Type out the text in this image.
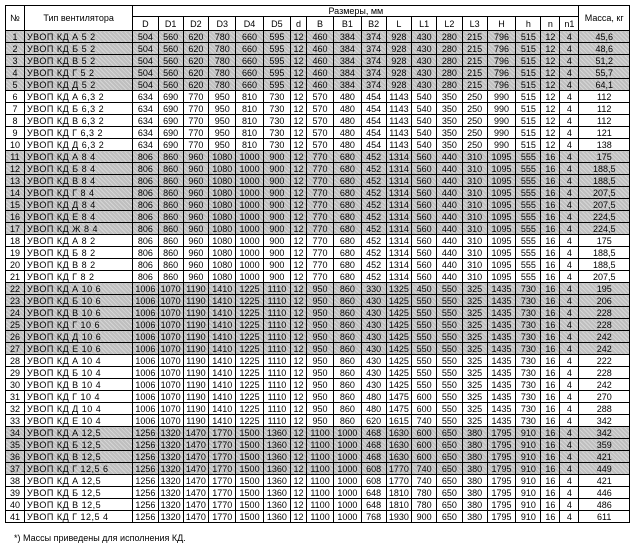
№	Тип вентилятора	Размеры, мм																		Масса, кг

		D	D1	D2	D3	D4	D5	d	B	B1	B2	L	L1	L2	L3	H	h	n	n1	
1	УВОП КД А 5 2	504	560	620	780	660	595	12	460	384	374	928	430	280	215	796	515	12	4	45,6
2	УВОП КД Б 5 2	504	560	620	780	660	595	12	460	384	374	928	430	280	215	796	515	12	4	48,6
3	УВОП КД В 5 2	504	560	620	780	660	595	12	460	384	374	928	430	280	215	796	515	12	4	51,2
4	УВОП КД Г 5 2	504	560	620	780	660	595	12	460	384	374	928	430	280	215	796	515	12	4	55,7
5	УВОП КД Д 5 2	504	560	620	780	660	595	12	460	384	374	928	430	280	215	796	515	12	4	64,1
6	УВОП КД А 6,3 2	634	690	770	950	810	730	12	570	480	454	1143	540	350	250	990	515	12	4	112
7	УВОП КД Б 6,3 2	634	690	770	950	810	730	12	570	480	454	1143	540	350	250	990	515	12	4	112
8	УВОП КД В 6,3 2	634	690	770	950	810	730	12	570	480	454	1143	540	350	250	990	515	12	4	112
9	УВОП КД Г 6,3 2	634	690	770	950	810	730	12	570	480	454	1143	540	350	250	990	515	12	4	121
10	УВОП КД Д 6,3 2	634	690	770	950	810	730	12	570	480	454	1143	540	350	250	990	515	12	4	138
11	УВОП КД А 8 4	806	860	960	1080	1000	900	12	770	680	452	1314	560	440	310	1095	555	16	4	175
12	УВОП КД Б 8 4	806	860	960	1080	1000	900	12	770	680	452	1314	560	440	310	1095	555	16	4	188,5
13	УВОП КД В 8 4	806	860	960	1080	1000	900	12	770	680	452	1314	560	440	310	1095	555	16	4	188,5
14	УВОП КД Г 8 4	806	860	960	1080	1000	900	12	770	680	452	1314	560	440	310	1095	555	16	4	207,5
15	УВОП КД Д 8 4	806	860	960	1080	1000	900	12	770	680	452	1314	560	440	310	1095	555	16	4	207,5
16	УВОП КД Е 8 4	806	860	960	1080	1000	900	12	770	680	452	1314	560	440	310	1095	555	16	4	224,5
17	УВОП КД Ж 8 4	806	860	960	1080	1000	900	12	770	680	452	1314	560	440	310	1095	555	16	4	224,5
18	УВОП КД А 8 2	806	860	960	1080	1000	900	12	770	680	452	1314	560	440	310	1095	555	16	4	175
19	УВОП КД Б 8 2	806	860	960	1080	1000	900	12	770	680	452	1314	560	440	310	1095	555	16	4	188,5
20	УВОП КД В 8 2	806	860	960	1080	1000	900	12	770	680	452	1314	560	440	310	1095	555	16	4	188,5
21	УВОП КД Г 8 2	806	860	960	1080	1000	900	12	770	680	452	1314	560	440	310	1095	555	16	4	207,5
22	УВОП КД А 10 6	1006	1070	1190	1410	1225	1110	12	950	860	330	1325	450	550	325	1435	730	16	4	195
23	УВОП КД Б 10 6	1006	1070	1190	1410	1225	1110	12	950	860	430	1425	550	550	325	1435	730	16	4	206
24	УВОП КД В 10 6	1006	1070	1190	1410	1225	1110	12	950	860	430	1425	550	550	325	1435	730	16	4	228
25	УВОП КД Г 10 6	1006	1070	1190	1410	1225	1110	12	950	860	430	1425	550	550	325	1435	730	16	4	228
26	УВОП КД Д 10 6	1006	1070	1190	1410	1225	1110	12	950	860	430	1425	550	550	325	1435	730	16	4	242
27	УВОП КД Е 10 6	1006	1070	1190	1410	1225	1110	12	950	860	430	1425	550	550	325	1435	730	16	4	242
28	УВОП КД А 10 4	1006	1070	1190	1410	1225	1110	12	950	860	430	1425	550	550	325	1435	730	16	4	222
29	УВОП КД Б 10 4	1006	1070	1190	1410	1225	1110	12	950	860	430	1425	550	550	325	1435	730	16	4	228
30	УВОП КД В 10 4	1006	1070	1190	1410	1225	1110	12	950	860	430	1425	550	550	325	1435	730	16	4	242
31	УВОП КД Г 10 4	1006	1070	1190	1410	1225	1110	12	950	860	480	1475	600	550	325	1435	730	16	4	270
32	УВОП КД Д 10 4	1006	1070	1190	1410	1225	1110	12	950	860	480	1475	600	550	325	1435	730	16	4	288
33	УВОП КД Е 10 4	1006	1070	1190	1410	1225	1110	12	950	860	620	1615	740	550	325	1435	730	16	4	342
34	УВОП КД А 12,5	1256	1320	1470	1770	1500	1360	12	1100	1000	468	1630	600	650	380	1795	910	16	4	342
35	УВОП КД Б 12,5	1256	1320	1470	1770	1500	1360	12	1100	1000	468	1630	600	650	380	1795	910	16	4	359
36	УВОП КД В 12,5	1256	1320	1470	1770	1500	1360	12	1100	1000	468	1630	600	650	380	1795	910	16	4	421
37	УВОП КД Г 12,5 6	1256	1320	1470	1770	1500	1360	12	1100	1000	608	1770	740	650	380	1795	910	16	4	449
38	УВОП КД А 12,5	1256	1320	1470	1770	1500	1360	12	1100	1000	608	1770	740	650	380	1795	910	16	4	421
39	УВОП КД Б 12,5	1256	1320	1470	1770	1500	1360	12	1100	1000	648	1810	780	650	380	1795	910	16	4	446
40	УВОП КД В 12,5	1256	1320	1470	1770	1500	1360	12	1100	1000	648	1810	780	650	380	1795	910	16	4	486
41	УВОП КД Г 12,5 4	1256	1320	1470	1770	1500	1360	12	1100	1000	768	1930	900	650	380	1795	910	16	4	611
*) Массы приведены для исполнения КД.
